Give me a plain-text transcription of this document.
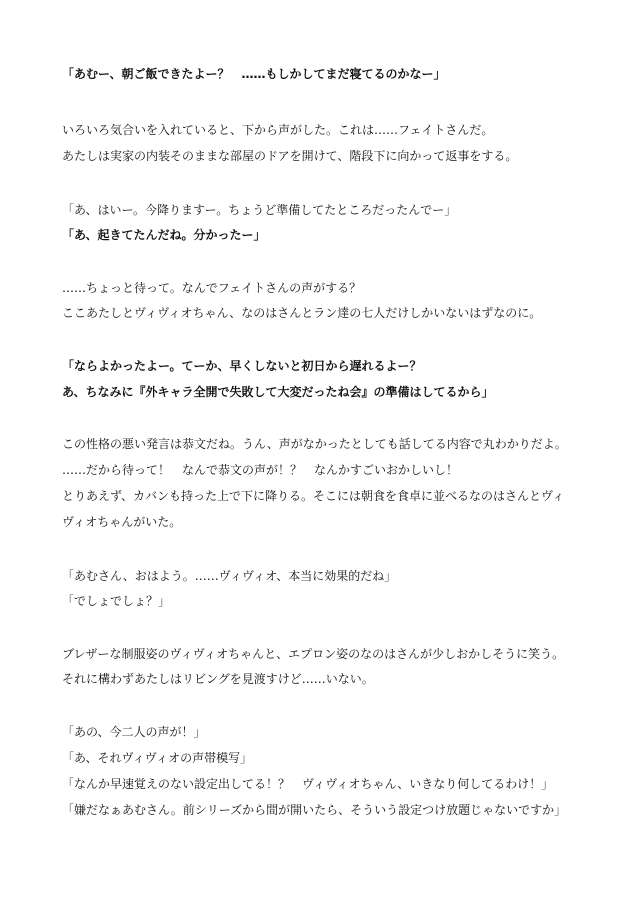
「あむー、朝ご飯できたよー？　……もしかしてまだ寝てるのかなー」
いろいろ気合いを入れていると、下から声がした。これは……フェイトさんだ。
あたしは実家の内装そのままな部屋のドアを開けて、階段下に向かって返事をする。
「あ、はいー。今降りますー。ちょうど準備してたところだったんでー」
「あ、起きてたんだね。分かったー」
……ちょっと待って。なんでフェイトさんの声がする？
ここあたしとヴィヴィオちゃん、なのはさんとラン達の七人だけしかいないはずなのに。
「ならよかったよー。てーか、早くしないと初日から遅れるよー？
あ、ちなみに『外キャラ全開で失敗して大変だったね会』の準備はしてるから」
この性格の悪い発言は恭文だね。うん、声がなかったとしても話してる内容で丸わかりだよ。
……だから待って！　なんで恭文の声が！？　なんかすごいおかしいし！
とりあえず、カバンも持った上で下に降りる。そこには朝食を食卓に並べるなのはさんとヴィ
ヴィオちゃんがいた。
「あむさん、おはよう。……ヴィヴィオ、本当に効果的だね」
「でしょでしょ？」
ブレザーな制服姿のヴィヴィオちゃんと、エプロン姿のなのはさんが少しおかしそうに笑う。
それに構わずあたしはリビングを見渡すけど……いない。
「あの、今二人の声が！」
「あ、それヴィヴィオの声帯模写」
「なんか早速覚えのない設定出してる！？　ヴィヴィオちゃん、いきなり何してるわけ！」
「嫌だなぁあむさん。前シリーズから間が開いたら、そういう設定つけ放題じゃないですか」
